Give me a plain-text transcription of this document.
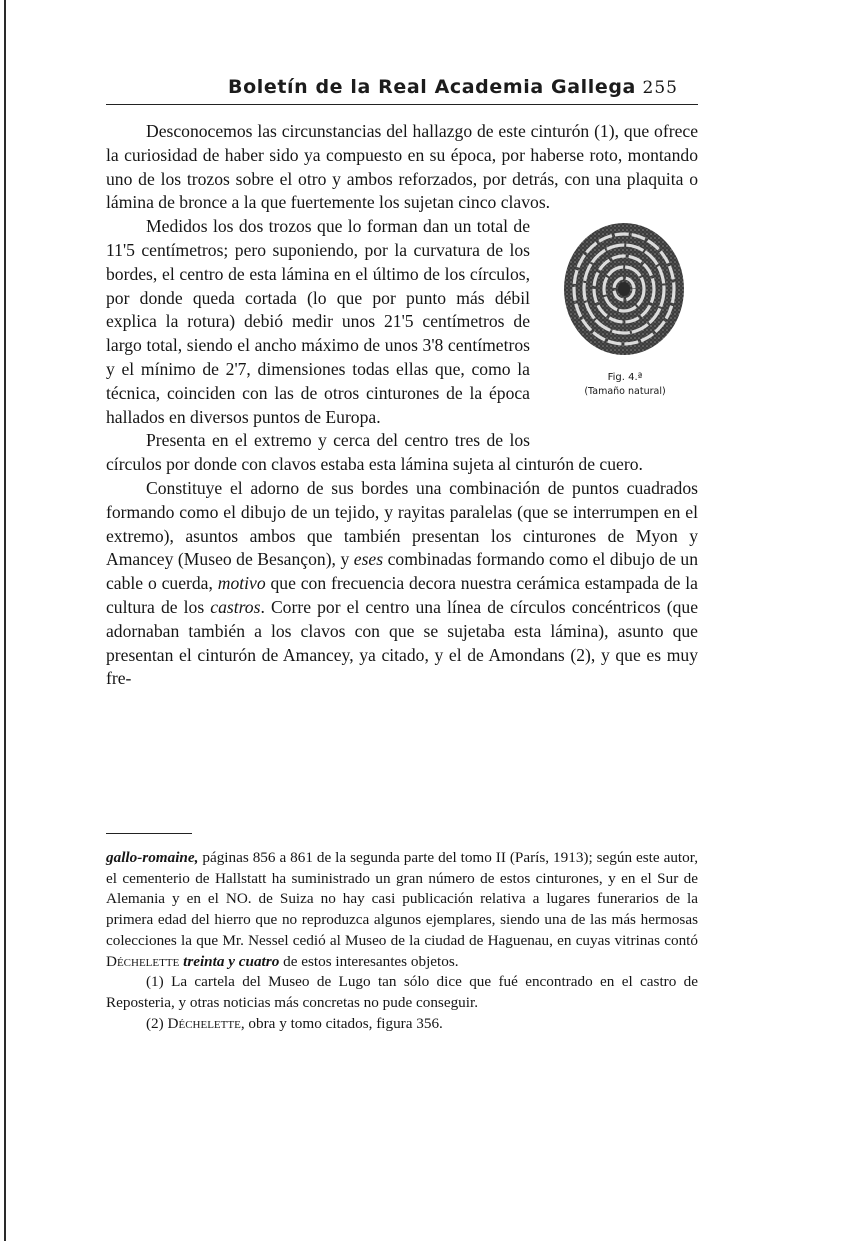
Boletín de la Real Academia Gallega 255

Desconocemos las circunstancias del hallazgo de este cinturón (1), que ofrece la curiosidad de haber sido ya compuesto en su época, por haberse roto, montando uno de los trozos sobre el otro y ambos reforzados, por detrás, con una plaquita o lámina de bronce a la que fuertemente los sujetan cinco clavos.

Fig. 4.ª
(Tamaño natural)

Medidos los dos trozos que lo forman dan un total de 11'5 centímetros; pero suponiendo, por la curvatura de los bordes, el centro de esta lámina en el último de los círculos, por donde queda cortada (lo que por punto más débil explica la rotura) debió medir unos 21'5 centímetros de largo total, siendo el ancho máximo de unos 3'8 centímetros y el mínimo de 2'7, dimensiones todas ellas que, como la técnica, coinciden con las de otros cinturones de la época hallados en diversos puntos de Europa.

Presenta en el extremo y cerca del centro tres de los círculos por donde con clavos estaba esta lámina sujeta al cinturón de cuero.

Constituye el adorno de sus bordes una combinación de puntos cuadrados formando como el dibujo de un tejido, y rayitas paralelas (que se interrumpen en el extremo), asuntos ambos que también presentan los cinturones de Myon y Amancey (Museo de Besançon), y eses combinadas formando como el dibujo de un cable o cuerda, motivo que con frecuencia decora nuestra cerámica estampada de la cultura de los castros. Corre por el centro una línea de círculos concéntricos (que adornaban también a los clavos con que se sujetaba esta lámina), asunto que presentan el cinturón de Amancey, ya citado, y el de Amondans (2), y que es muy fre-

gallo-romaine, páginas 856 a 861 de la segunda parte del tomo II (París, 1913); según este autor, el cementerio de Hallstatt ha suministrado un gran número de estos cinturones, y en el Sur de Alemania y en el NO. de Suiza no hay casi publicación relativa a lugares funerarios de la primera edad del hierro que no reproduzca algunos ejemplares, siendo una de las más hermosas colecciones la que Mr. Nessel cedió al Museo de la ciudad de Haguenau, en cuyas vitrinas contó Déchelette treinta y cuatro de estos interesantes objetos.

(1) La cartela del Museo de Lugo tan sólo dice que fué encontrado en el castro de Reposteria, y otras noticias más concretas no pude conseguir.

(2) Déchelette, obra y tomo citados, figura 356.
